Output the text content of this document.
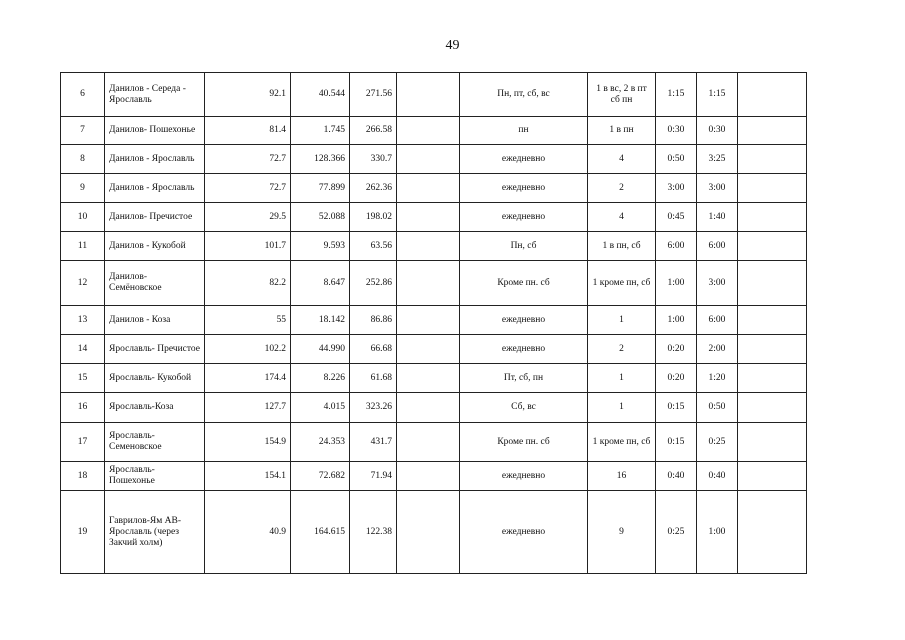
49
6	Данилов - Середа - Ярославль	92.1	40.544	271.56		Пн, пт, сб, вс	1 в вс, 2 в пт сб пн	1:15	1:15	
7	Данилов- Пошехонье	81.4	1.745	266.58		пн	1 в пн	0:30	0:30	
8	Данилов - Ярославль	72.7	128.366	330.7		ежедневно	4	0:50	3:25	
9	Данилов - Ярославль	72.7	77.899	262.36		ежедневно	2	3:00	3:00	
10	Данилов- Пречистое	29.5	52.088	198.02		ежедневно	4	0:45	1:40	
11	Данилов - Кукобой	101.7	9.593	63.56		Пн, сб	1 в пн, сб	6:00	6:00	
12	Данилов- Семёновское	82.2	8.647	252.86		Кроме пн. сб	1 кроме пн, сб	1:00	3:00	
13	Данилов - Коза	55	18.142	86.86		ежедневно	1	1:00	6:00	
14	Ярославль- Пречистое	102.2	44.990	66.68		ежедневно	2	0:20	2:00	
15	Ярославль- Кукобой	174.4	8.226	61.68		Пт, сб, пн	1	0:20	1:20	
16	Ярославль-Коза	127.7	4.015	323.26		Сб, вс	1	0:15	0:50	
17	Ярославль- Семеновское	154.9	24.353	431.7		Кроме пн. сб	1 кроме пн, сб	0:15	0:25	
18	Ярославль- Пошехонье	154.1	72.682	71.94		ежедневно	16	0:40	0:40	
19	Гаврилов-Ям АВ- Ярославль (через Закчий холм)	40.9	164.615	122.38		ежедневно	9	0:25	1:00	
